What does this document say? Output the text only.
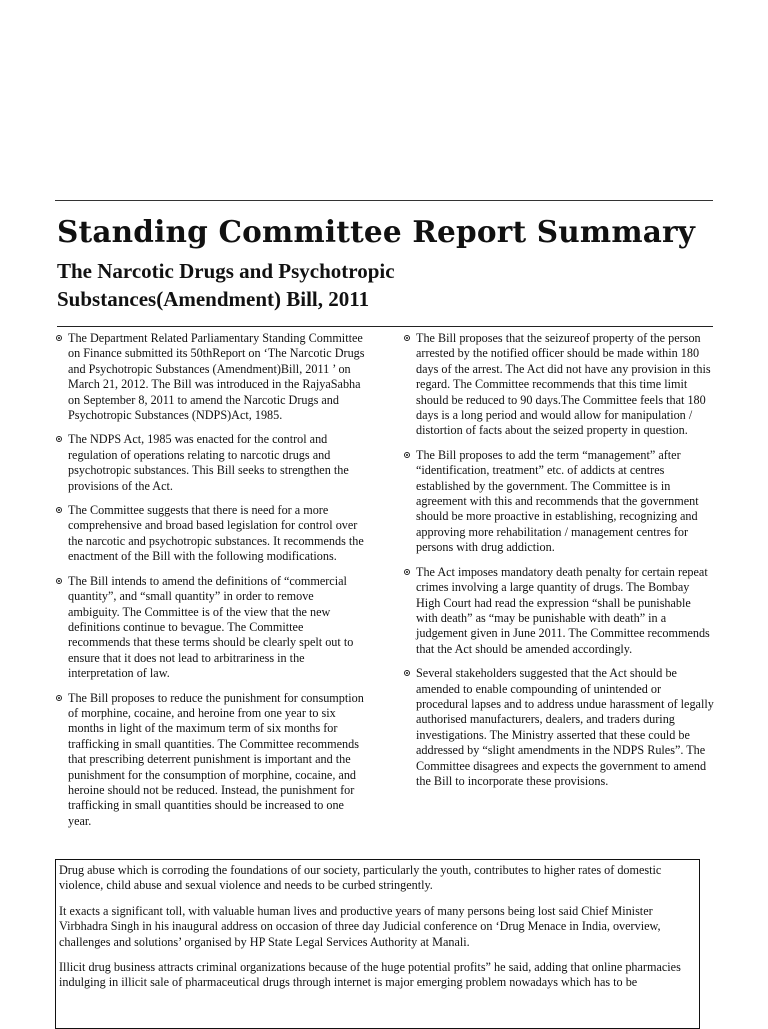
Standing Committee Report Summary
The Narcotic Drugs and Psychotropic
Substances(Amendment) Bill, 2011
The Department Related Parliamentary Standing Committee on Finance submitted its 50thReport on ‘The Narcotic Drugs and Psychotropic Substances (Amendment)Bill, 2011 ’ on March 21, 2012. The Bill was introduced in the RajyaSabha on September 8, 2011 to amend the Narcotic Drugs and Psychotropic Substances (NDPS)Act, 1985.
The NDPS Act, 1985 was enacted for the control and regulation of operations relating to narcotic drugs and psychotropic substances. This Bill seeks to strengthen the provisions of the Act.
The Committee suggests that there is need for a more comprehensive and broad based legislation for control over the narcotic and psychotropic substances. It recommends the enactment of the Bill with the following modifications.
The Bill intends to amend the definitions of “commercial quantity”, and “small quantity” in order to remove ambiguity. The Committee is of the view that the new definitions continue to bevague. The Committee recommends that these terms should be clearly spelt out to ensure that it does not lead to arbitrariness in the interpretation of law.
The Bill proposes to reduce the punishment for consumption of morphine, cocaine, and heroine from one year to six months in light of the maximum term of six months for trafficking in small quantities. The Committee recommends that prescribing deterrent punishment is important and the punishment for the consumption of morphine, cocaine, and heroine should not be reduced. Instead, the punishment for trafficking in small quantities should be increased to one year.
The Bill proposes that the seizureof property of the person arrested by the notified officer should be made within 180 days of the arrest. The Act did not have any provision in this regard. The Committee recommends that this time limit should be reduced to 90 days.The Committee feels that 180 days is a long period and would allow for manipulation / distortion of facts about the seized property in question.
The Bill proposes to add the term “management” after “identification, treatment” etc. of addicts at centres established by the government. The Committee is in agreement with this and recommends that the government should be more proactive in establishing, recognizing and approving more rehabilitation / management centres for persons with drug addiction.
The Act imposes mandatory death penalty for certain repeat crimes involving a large quantity of drugs. The Bombay High Court had read the expression “shall be punishable with death” as “may be punishable with death” in a judgement given in June 2011. The Committee recommends that the Act should be amended accordingly.
Several stakeholders suggested that the Act should be amended to enable compounding of unintended or procedural lapses and to address undue harassment of legally authorised manufacturers, dealers, and traders during investigations. The Ministry asserted that these could be addressed by “slight amendments in the NDPS Rules”. The Committee disagrees and expects the government to amend the Bill to incorporate these provisions.

Drug abuse which is corroding the foundations of our society, particularly the youth, contributes to higher rates of domestic violence, child abuse and sexual violence and needs to be curbed stringently.

It exacts a significant toll, with valuable human lives and productive years of many persons being lost said Chief Minister Virbhadra Singh in his inaugural address on occasion of three day Judicial conference on ‘Drug Menace in India, overview, challenges and solutions’ organised by HP State Legal Services Authority at Manali.

Illicit drug business attracts criminal organizations because of the huge potential profits” he said, adding that online pharmacies indulging in illicit sale of pharmaceutical drugs through internet is major emerging problem nowadays which has to be
